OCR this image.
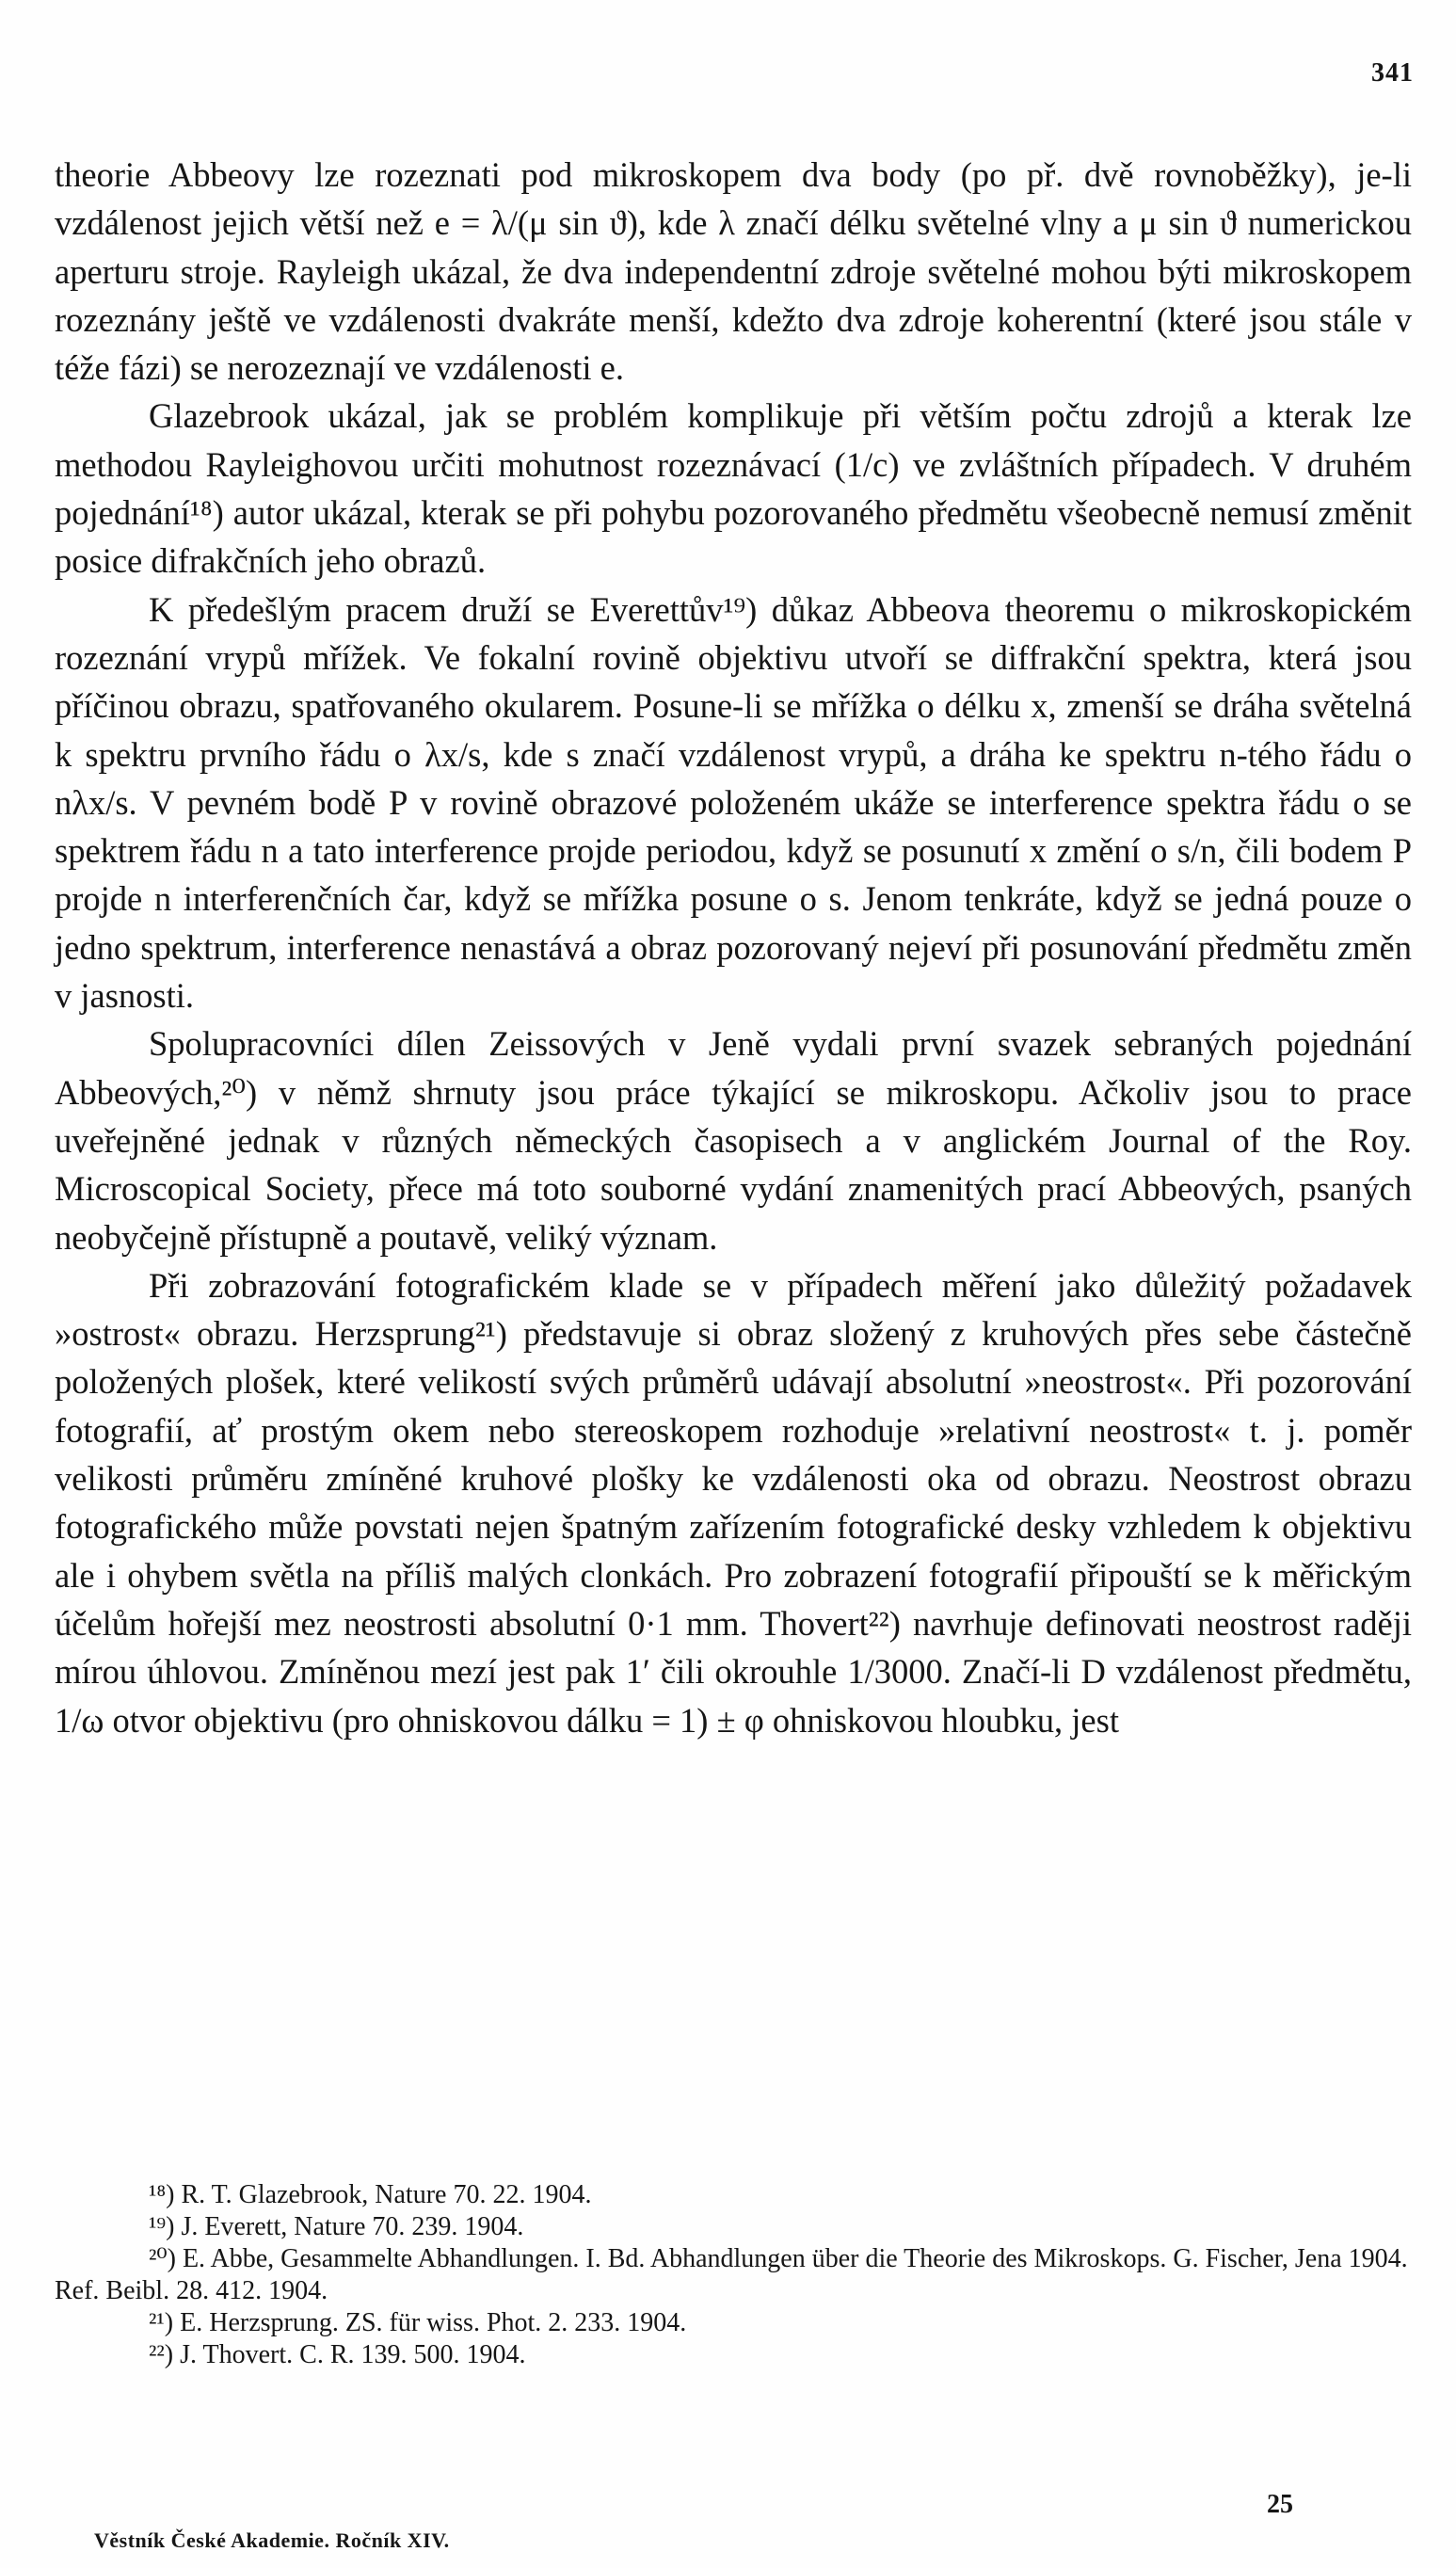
341

theorie Abbeovy lze rozeznati pod mikroskopem dva body (po př. dvě rovnoběžky), je-li vzdálenost jejich větší než e = λ/(μ sin ϑ), kde λ značí délku světelné vlny a μ sin ϑ numerickou aperturu stroje. Rayleigh ukázal, že dva independentní zdroje světelné mohou býti mikroskopem rozeznány ještě ve vzdálenosti dvakráte menší, kdežto dva zdroje koherentní (které jsou stále v téže fázi) se nerozeznají ve vzdálenosti e.

Glazebrook ukázal, jak se problém komplikuje při větším počtu zdrojů a kterak lze methodou Rayleighovou určiti mohutnost rozeznávací (1/c) ve zvláštních případech. V druhém pojednání¹⁸) autor ukázal, kterak se při pohybu pozorovaného předmětu všeobecně nemusí změnit posice difrakčních jeho obrazů.

K předešlým pracem druží se Everettův¹⁹) důkaz Abbeova theoremu o mikroskopickém rozeznání vrypů mřížek. Ve fokalní rovině objektivu utvoří se diffrakční spektra, která jsou příčinou obrazu, spatřovaného okularem. Posune-li se mřížka o délku x, zmenší se dráha světelná k spektru prvního řádu o λx/s, kde s značí vzdálenost vrypů, a dráha ke spektru n-tého řádu o nλx/s. V pevném bodě P v rovině obrazové položeném ukáže se interference spektra řádu o se spektrem řádu n a tato interference projde periodou, když se posunutí x změní o s/n, čili bodem P projde n interferenčních čar, když se mřížka posune o s. Jenom tenkráte, když se jedná pouze o jedno spektrum, interference nenastává a obraz pozorovaný nejeví při posunování předmětu změn v jasnosti.

Spolupracovníci dílen Zeissových v Jeně vydali první svazek sebraných pojednání Abbeových,²⁰) v němž shrnuty jsou práce týkající se mikroskopu. Ačkoliv jsou to prace uveřejněné jednak v různých německých časopisech a v anglickém Journal of the Roy. Microscopical Society, přece má toto souborné vydání znamenitých prací Abbeových, psaných neobyčejně přístupně a poutavě, veliký význam.

Při zobrazování fotografickém klade se v případech měření jako důležitý požadavek »ostrost« obrazu. Herzsprung²¹) představuje si obraz složený z kruhových přes sebe částečně položených plošek, které velikostí svých průměrů udávají absolutní »neostrost«. Při pozorování fotografií, ať prostým okem nebo stereoskopem rozhoduje »relativní neostrost« t. j. poměr velikosti průměru zmíněné kruhové plošky ke vzdálenosti oka od obrazu. Neostrost obrazu fotografického může povstati nejen špatným zařízením fotografické desky vzhledem k objektivu ale i ohybem světla na příliš malých clonkách. Pro zobrazení fotografií připouští se k měřickým účelům hořejší mez neostrosti absolutní 0·1 mm. Thovert²²) navrhuje definovati neostrost raději mírou úhlovou. Zmíněnou mezí jest pak 1′ čili okrouhle 1/3000. Značí-li D vzdálenost předmětu, 1/ω otvor objektivu (pro ohniskovou dálku = 1) ± φ ohniskovou hloubku, jest

¹⁸) R. T. Glazebrook, Nature 70. 22. 1904.

¹⁹) J. Everett, Nature 70. 239. 1904.

²⁰) E. Abbe, Gesammelte Abhandlungen. I. Bd. Abhandlungen über die Theorie des Mikroskops. G. Fischer, Jena 1904. Ref. Beibl. 28. 412. 1904.

²¹) E. Herzsprung. ZS. für wiss. Phot. 2. 233. 1904.

²²) J. Thovert. C. R. 139. 500. 1904.

25
Věstník České Akademie. Ročník XIV.
